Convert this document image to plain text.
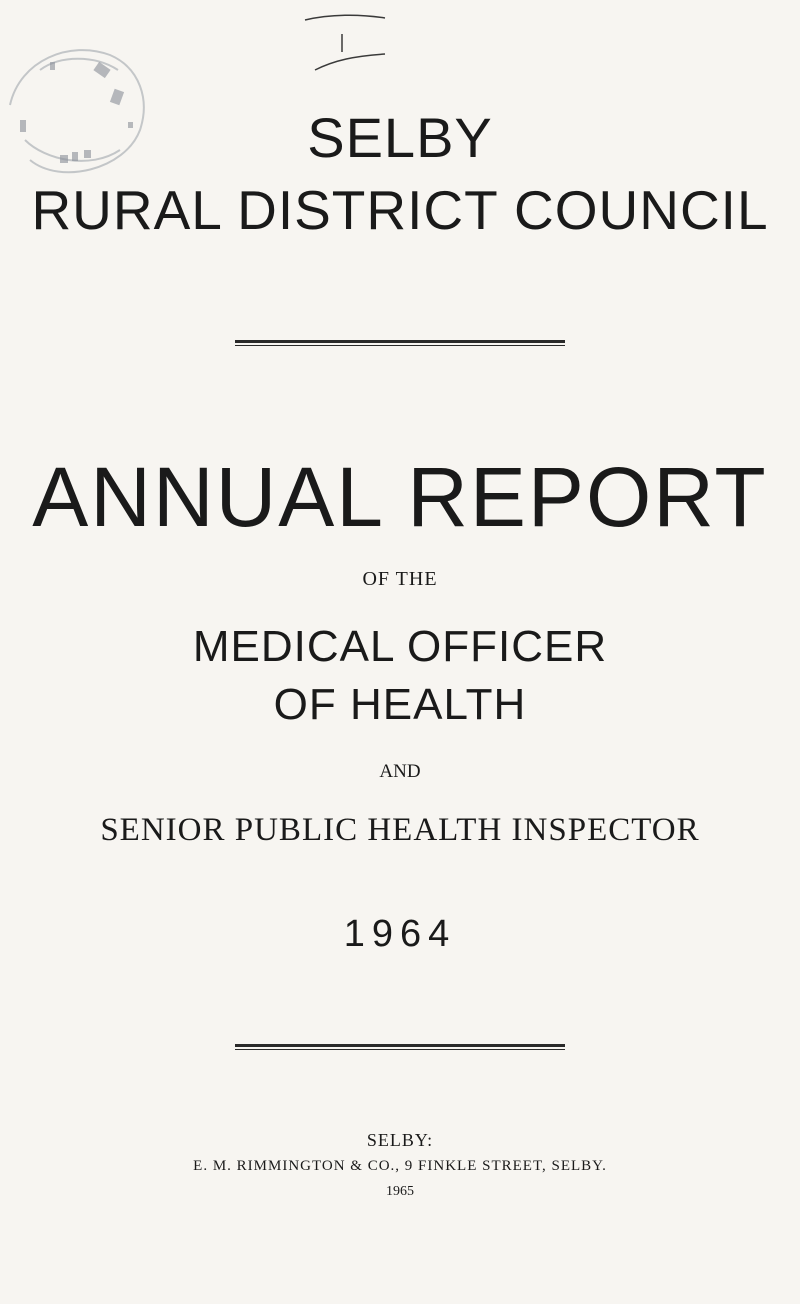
SELBY
RURAL DISTRICT COUNCIL
ANNUAL REPORT
OF THE
MEDICAL OFFICER
OF HEALTH
AND
SENIOR PUBLIC HEALTH INSPECTOR
1964
SELBY:
E. M. RIMMINGTON & CO., 9 FINKLE STREET, SELBY.
1965
